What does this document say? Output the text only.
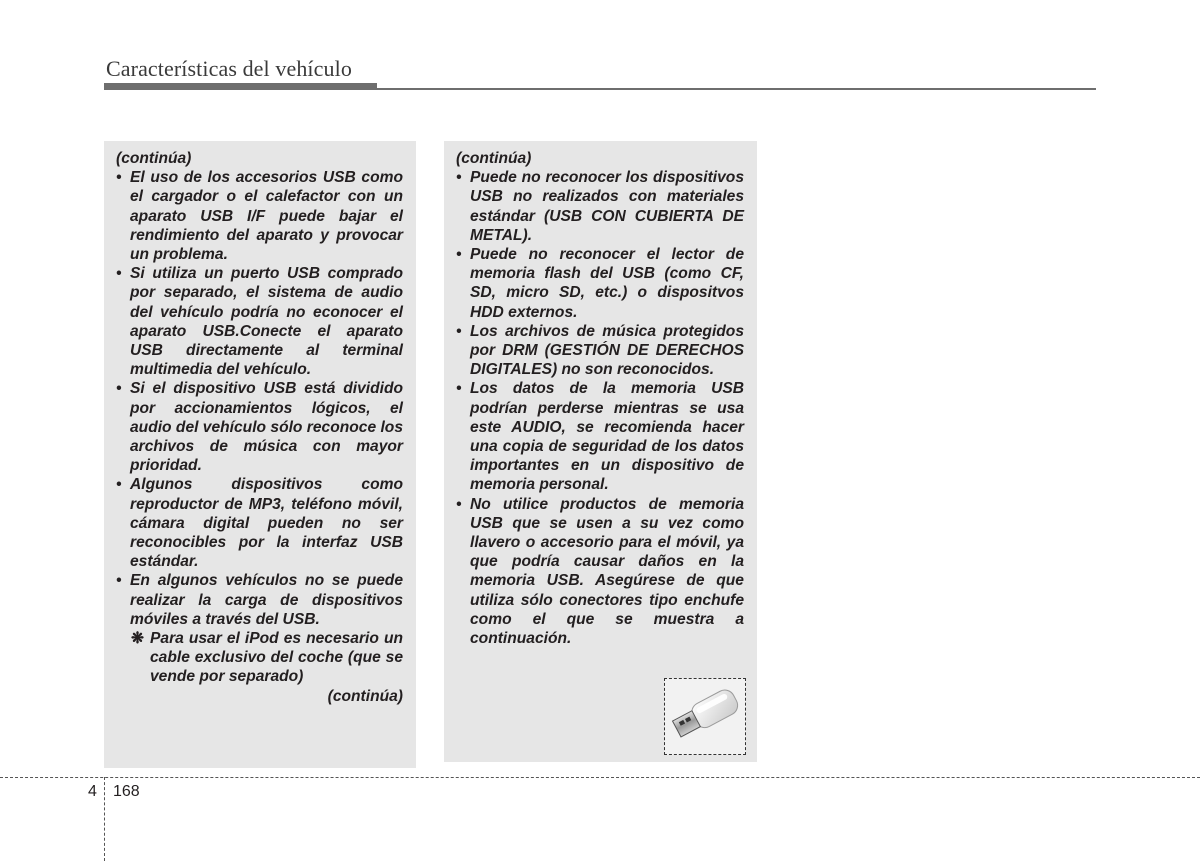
Características del vehículo

(continúa)

• El uso de los accesorios USB como el cargador o el calefactor con un aparato USB I/F puede bajar el rendimiento del aparato y provocar un problema.
• Si utiliza un puerto USB comprado por separado, el sistema de audio del vehículo podría no econocer el aparato USB.Conecte el aparato USB directamente al terminal multimedia del vehículo.
• Si el dispositivo USB está dividido por accionamientos lógicos, el audio del vehículo sólo reconoce los archivos de música con mayor prioridad.
• Algunos dispositivos como reproductor de MP3, teléfono móvil, cámara digital pueden no ser reconocibles por la interfaz USB estándar.
• En algunos vehículos no se puede realizar la carga de dispositivos móviles a través del USB.

❋ Para usar el iPod es necesario un cable exclusivo del coche (que se vende por separado)

(continúa)

(continúa)

• Puede no reconocer los dispositivos USB no realizados con materiales estándar (USB CON CUBIERTA DE METAL).
• Puede no reconocer el lector de memoria flash del USB (como CF, SD, micro SD, etc.) o dispositvos HDD externos.
• Los archivos de música protegidos por DRM (GESTIÓN DE DERECHOS DIGITALES) no son reconocidos.
• Los datos de la memoria USB podrían perderse mientras se usa este AUDIO, se recomienda hacer una copia de seguridad de los datos importantes en un dispositivo de memoria personal.
• No utilice productos de memoria USB que se usen a su vez como llavero o accesorio para el móvil, ya que podría causar daños en la memoria USB. Asegúrese de que utiliza sólo conectores tipo enchufe como el que se muestra a continuación.
4 168
